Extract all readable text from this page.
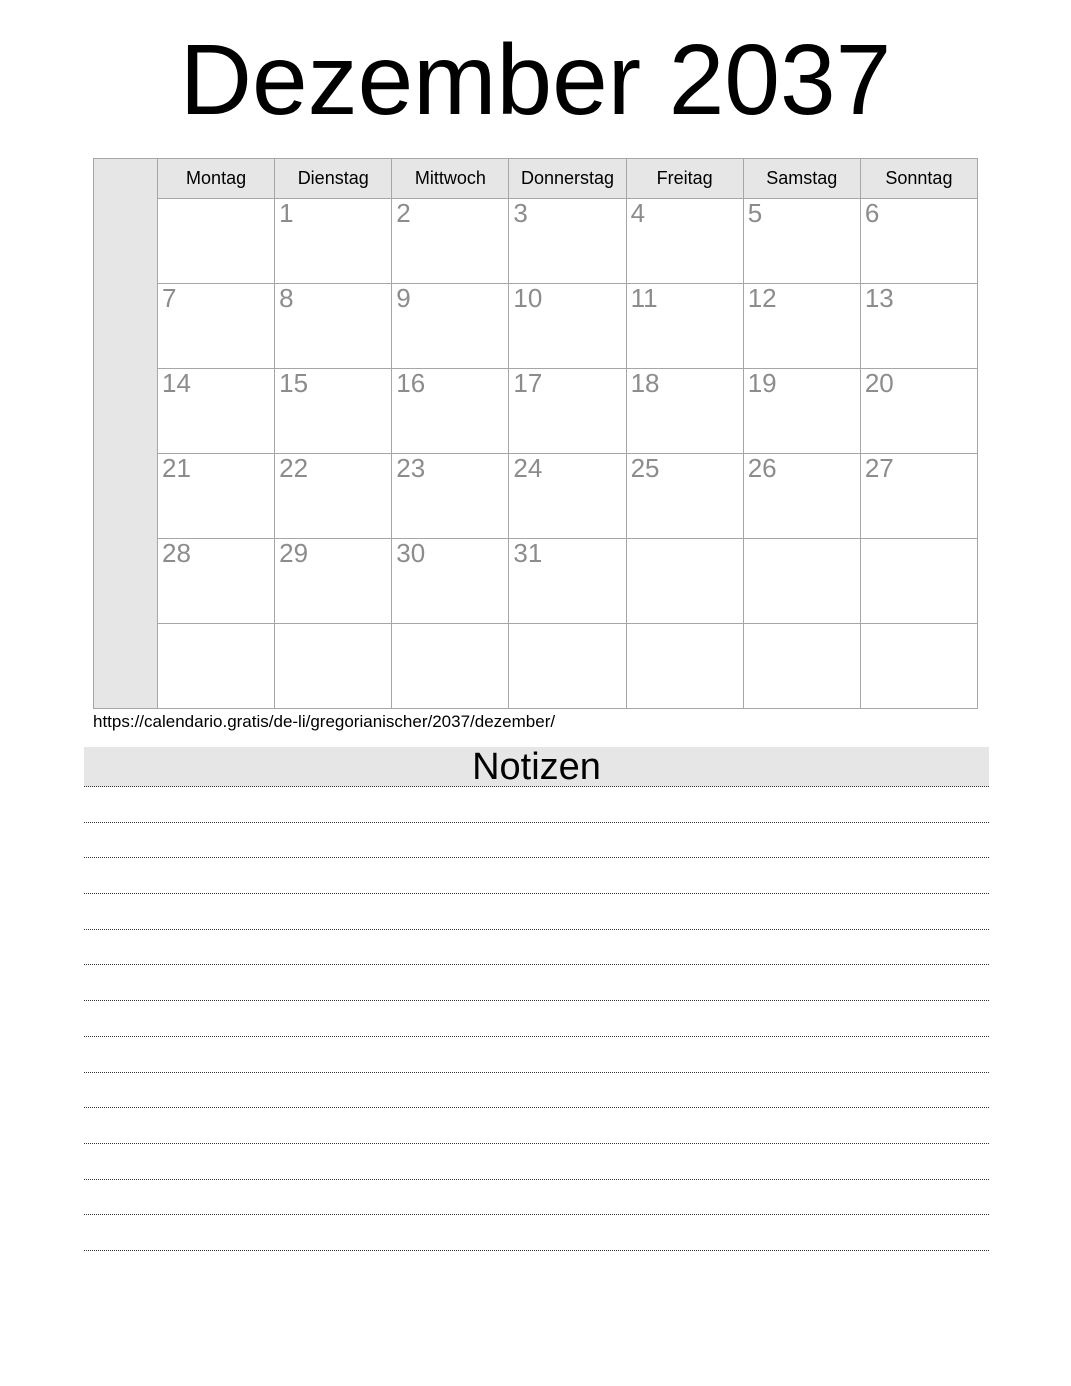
Dezember 2037
	Montag	Dienstag	Mittwoch	Donnerstag	Freitag	Samstag	Sonntag

		1	2	3	4	5	6

	7	8	9	10	11	12	13

	14	15	16	17	18	19	20

	21	22	23	24	25	26	27

	28	29	30	31			

https://calendario.gratis/de-li/gregorianischer/2037/dezember/
Notizen
